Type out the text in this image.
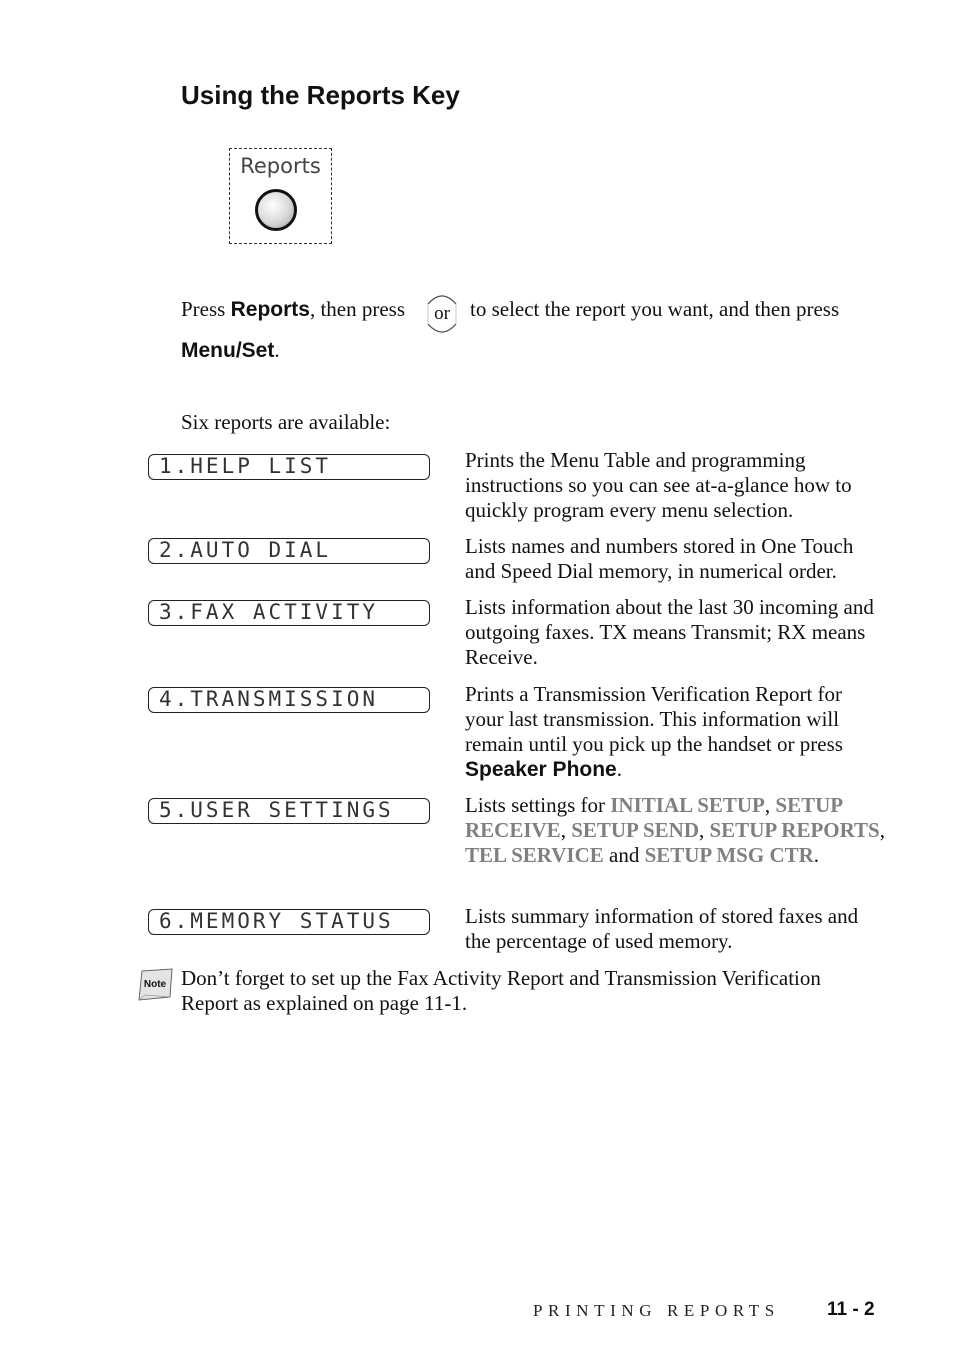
Using the Reports Key
Reports

Press Reports, then press	or to select the report you want, and then press

Menu/Set.

Six reports are available:

1.HELP LIST	Prints the Menu Table and programming instructions so you can see at-a-glance how to quickly program every menu selection.

2.AUTO DIAL	Lists names and numbers stored in One Touch and Speed Dial memory, in numerical order.

3.FAX ACTIVITY	Lists information about the last 30 incoming and outgoing faxes. TX means Transmit; RX means Receive.

4.TRANSMISSION	Prints a Transmission Verification Report for your last transmission. This information will remain until you pick up the handset or press Speaker Phone.

5.USER SETTINGS	Lists settings for INITIAL SETUP, SETUP RECEIVE, SETUP SEND, SETUP REPORTS, TEL SERVICE and SETUP MSG CTR.

6.MEMORY STATUS	Lists summary information of stored faxes and the percentage of used memory.

Note Don’t forget to set up the Fax Activity Report and Transmission Verification Report as explained on page 11-1.

PRINTING REPORTS 11 - 2
